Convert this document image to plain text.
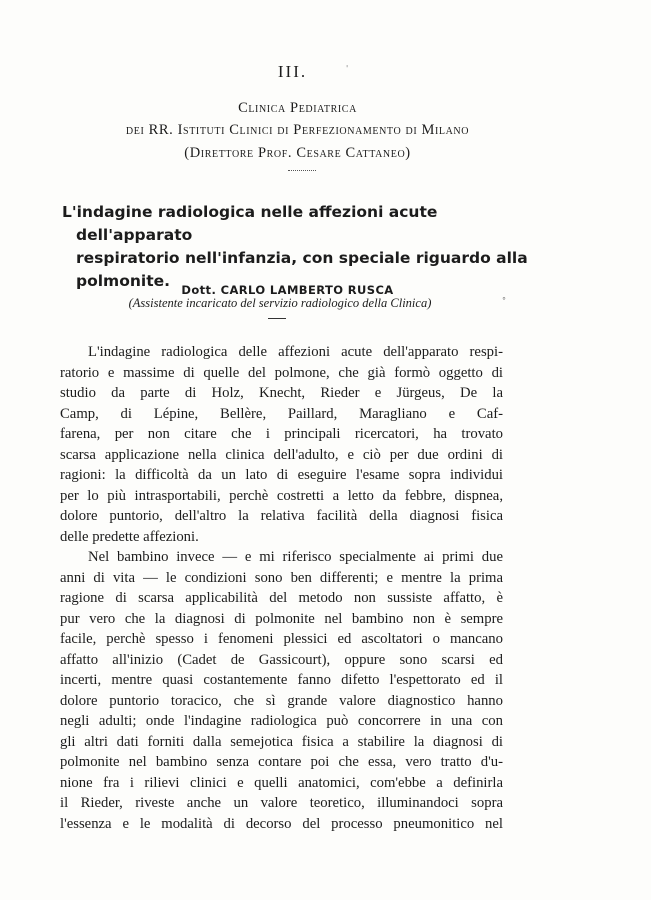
III.
Clinica Pediatrica
dei RR. Istituti Clinici di Perfezionamento di Milano
(Direttore Prof. Cesare Cattaneo)
L'indagine radiologica nelle affezioni acute dell'apparato
respiratorio nell'infanzia, con speciale riguardo alla
polmonite. Dott. CARLO LAMBERTO RUSCA
(Assistente incaricato del servizio radiologico della Clinica)
L'indagine radiologica delle affezioni acute dell'apparato respi-
ratorio e massime di quelle del polmone, che già formò oggetto di
studio da parte di Holz, Knecht, Rieder e Jürgeus, De la
Camp, di Lépine, Bellère, Paillard, Maragliano e Caf-
farena, per non citare che i principali ricercatori, ha trovato
scarsa applicazione nella clinica dell'adulto, e ciò per due ordini di
ragioni: la difficoltà da un lato di eseguire l'esame sopra individui
per lo più intrasportabili, perchè costretti a letto da febbre, dispnea,
dolore puntorio, dell'altro la relativa facilità della diagnosi fisica
delle predette affezioni.
Nel bambino invece — e mi riferisco specialmente ai primi due
anni di vita — le condizioni sono ben differenti; e mentre la prima
ragione di scarsa applicabilità del metodo non sussiste affatto, è
pur vero che la diagnosi di polmonite nel bambino non è sempre
facile, perchè spesso i fenomeni plessici ed ascoltatori o mancano
affatto all'inizio (Cadet de Gassicourt), oppure sono scarsi ed
incerti, mentre quasi costantemente fanno difetto l'espettorato ed il
dolore puntorio toracico, che sì grande valore diagnostico hanno
negli adulti; onde l'indagine radiologica può concorrere in una con
gli altri dati forniti dalla semejotica fisica a stabilire la diagnosi di
polmonite nel bambino senza contare poi che essa, vero tratto d'u-
nione fra i rilievi clinici e quelli anatomici, com'ebbe a definirla
il Rieder, riveste anche un valore teoretico, illuminandoci sopra
l'essenza e le modalità di decorso del processo pneumonitico nel
'
°
